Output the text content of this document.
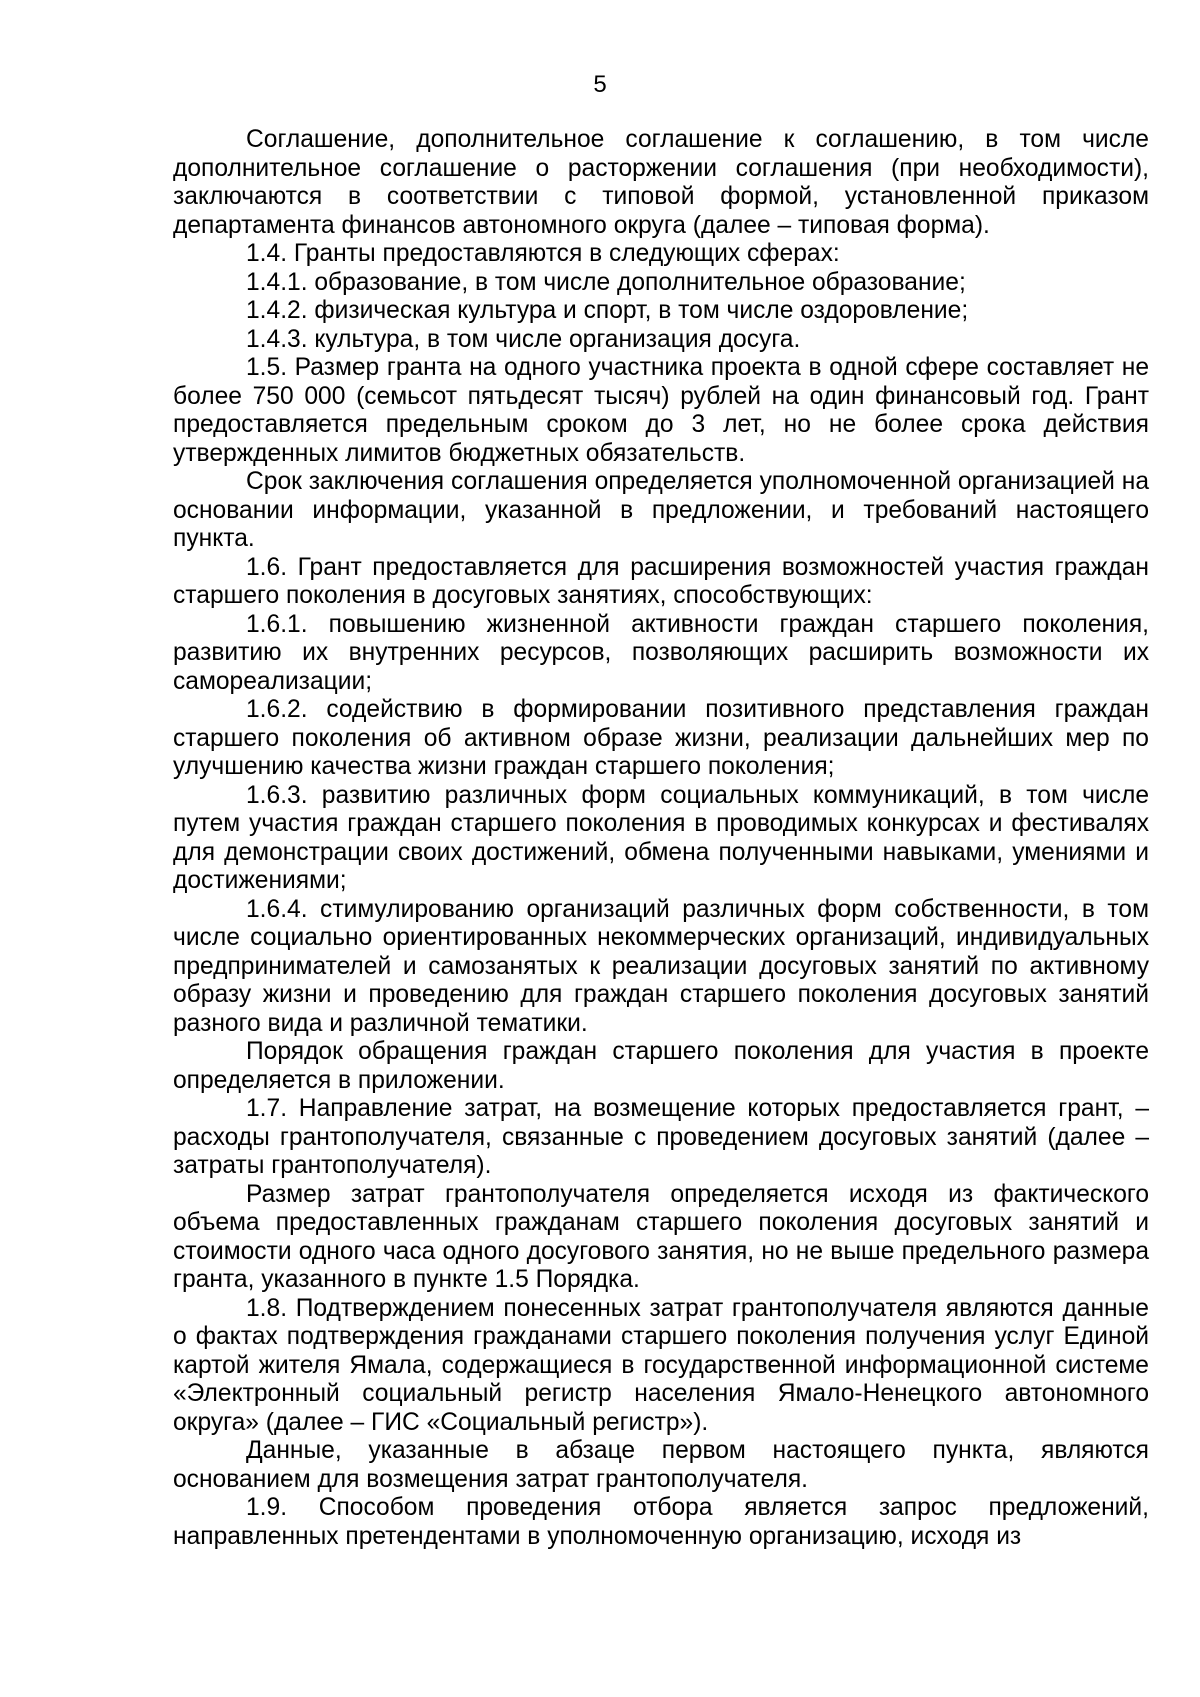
5

Соглашение, дополнительное соглашение к соглашению, в том числе дополнительное соглашение о расторжении соглашения (при необходимости), заключаются в соответствии с типовой формой, установленной приказом департамента финансов автономного округа (далее – типовая форма).

1.4. Гранты предоставляются в следующих сферах:

1.4.1. образование, в том числе дополнительное образование;

1.4.2. физическая культура и спорт, в том числе оздоровление;

1.4.3. культура, в том числе организация досуга.

1.5. Размер гранта на одного участника проекта в одной сфере составляет не более 750 000 (семьсот пятьдесят тысяч) рублей на один финансовый год. Грант предоставляется предельным сроком до 3 лет, но не более срока действия утвержденных лимитов бюджетных обязательств.

Срок заключения соглашения определяется уполномоченной организацией на основании информации, указанной в предложении, и требований настоящего пункта.

1.6. Грант предоставляется для расширения возможностей участия граждан старшего поколения в досуговых занятиях, способствующих:

1.6.1. повышению жизненной активности граждан старшего поколения, развитию их внутренних ресурсов, позволяющих расширить возможности их самореализации;

1.6.2. содействию в формировании позитивного представления граждан старшего поколения об активном образе жизни, реализации дальнейших мер по улучшению качества жизни граждан старшего поколения;

1.6.3. развитию различных форм социальных коммуникаций, в том числе путем участия граждан старшего поколения в проводимых конкурсах и фестивалях для демонстрации своих достижений, обмена полученными навыками, умениями и достижениями;

1.6.4. стимулированию организаций различных форм собственности, в том числе социально ориентированных некоммерческих организаций, индивидуальных предпринимателей и самозанятых к реализации досуговых занятий по активному образу жизни и проведению для граждан старшего поколения досуговых занятий разного вида и различной тематики.

Порядок обращения граждан старшего поколения для участия в проекте определяется в приложении.

1.7. Направление затрат, на возмещение которых предоставляется грант, – расходы грантополучателя, связанные с проведением досуговых занятий (далее – затраты грантополучателя).

Размер затрат грантополучателя определяется исходя из фактического объема предоставленных гражданам старшего поколения досуговых занятий и стоимости одного часа одного досугового занятия, но не выше предельного размера гранта, указанного в пункте 1.5 Порядка.

1.8. Подтверждением понесенных затрат грантополучателя являются данные о фактах подтверждения гражданами старшего поколения получения услуг Единой картой жителя Ямала, содержащиеся в государственной информационной системе «Электронный социальный регистр населения Ямало-Ненецкого автономного округа» (далее – ГИС «Социальный регистр»).

Данные, указанные в абзаце первом настоящего пункта, являются основанием для возмещения затрат грантополучателя.

1.9. Способом проведения отбора является запрос предложений, направленных претендентами в уполномоченную организацию, исходя из
